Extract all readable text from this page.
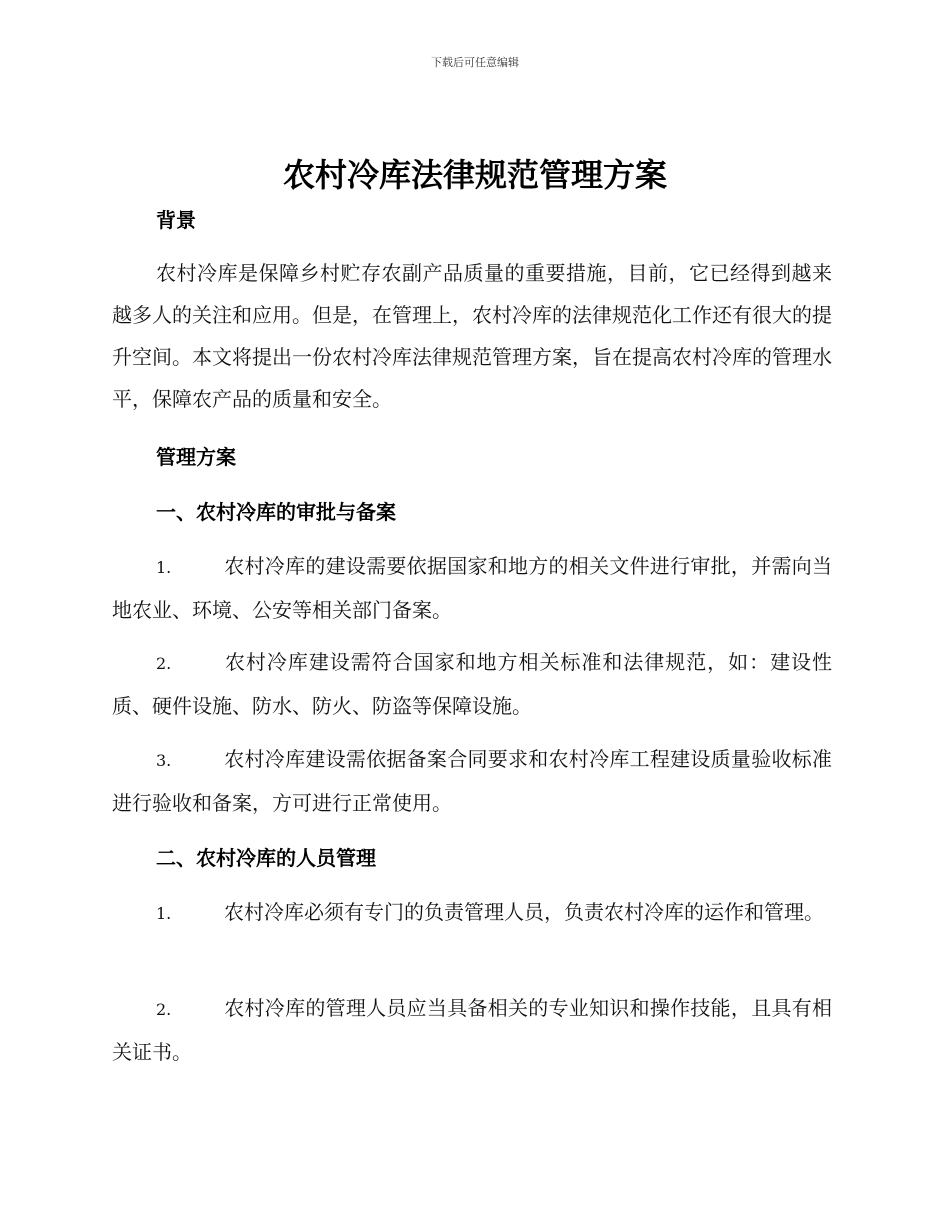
下载后可任意编辑
农村冷库法律规范管理方案
背景
农村冷库是保障乡村贮存农副产品质量的重要措施，目前，它已经得到越来越多人的关注和应用。但是，在管理上，农村冷库的法律规范化工作还有很大的提升空间。本文将提出一份农村冷库法律规范管理方案，旨在提高农村冷库的管理水平，保障农产品的质量和安全。
管理方案
一、农村冷库的审批与备案
1.	农村冷库的建设需要依据国家和地方的相关文件进行审批，并需向当地农业、环境、公安等相关部门备案。
2.	农村冷库建设需符合国家和地方相关标准和法律规范，如：建设性质、硬件设施、防水、防火、防盗等保障设施。
3.	农村冷库建设需依据备案合同要求和农村冷库工程建设质量验收标准进行验收和备案，方可进行正常使用。
二、农村冷库的人员管理
1.	农村冷库必须有专门的负责管理人员，负责农村冷库的运作和管理。
2.	农村冷库的管理人员应当具备相关的专业知识和操作技能，且具有相关证书。
